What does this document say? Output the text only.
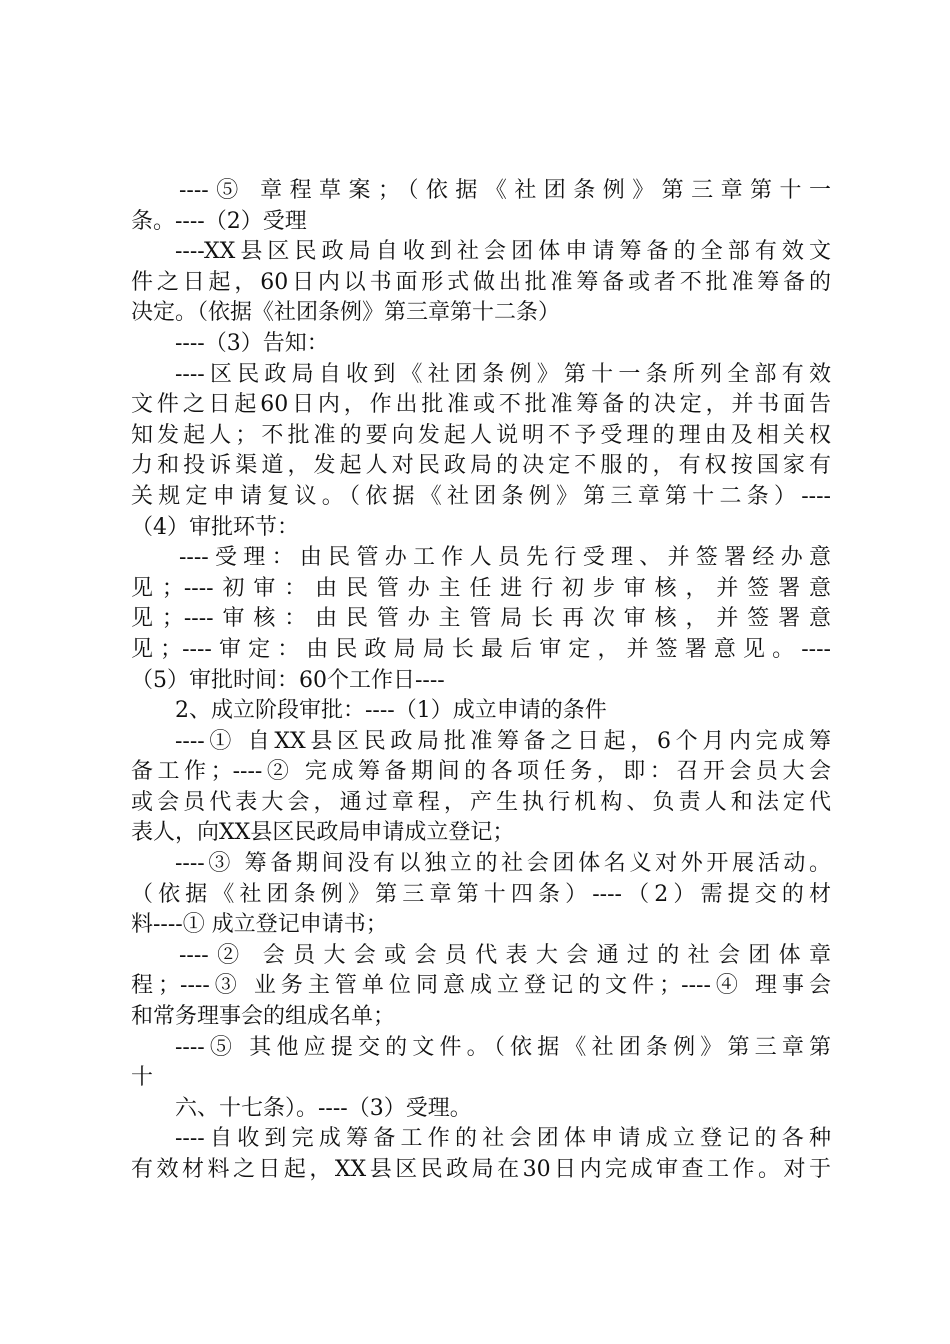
----⑤ 章程草案；（依据《社团条例》第三章第十一
条。----（2）受理
----XX县区民政局自收到社会团体申请筹备的全部有效文
件之日起，60日内以书面形式做出批准筹备或者不批准筹备的
决定。（依据《社团条例》第三章第十二条）
----（3）告知：
----区民政局自收到《社团条例》第十一条所列全部有效
文件之日起60日内，作出批准或不批准筹备的决定，并书面告
知发起人；不批准的要向发起人说明不予受理的理由及相关权
力和投诉渠道，发起人对民政局的决定不服的，有权按国家有
关规定申请复议。（依据《社团条例》第三章第十二条）----
（4）审批环节：
----受理：由民管办工作人员先行受理、并签署经办意
见；----初审：由民管办主任进行初步审核，并签署意
见；----审核：由民管办主管局长再次审核，并签署意
见；----审定：由民政局局长最后审定，并签署意见。----
（5）审批时间：60个工作日----
2、成立阶段审批：----（1）成立申请的条件
----① 自XX县区民政局批准筹备之日起，6个月内完成筹
备工作；----② 完成筹备期间的各项任务，即：召开会员大会
或会员代表大会，通过章程，产生执行机构、负责人和法定代
表人，向XX县区民政局申请成立登记；
----③ 筹备期间没有以独立的社会团体名义对外开展活动。
（依据《社团条例》第三章第十四条）----（2）需提交的材
料----① 成立登记申请书；
----② 会员大会或会员代表大会通过的社会团体章
程；----③ 业务主管单位同意成立登记的文件；----④ 理事会
和常务理事会的组成名单；
----⑤ 其他应提交的文件。（依据《社团条例》第三章第
十
六、十七条）。----（3）受理。
----自收到完成筹备工作的社会团体申请成立登记的各种
有效材料之日起，XX县区民政局在30日内完成审查工作。对于
